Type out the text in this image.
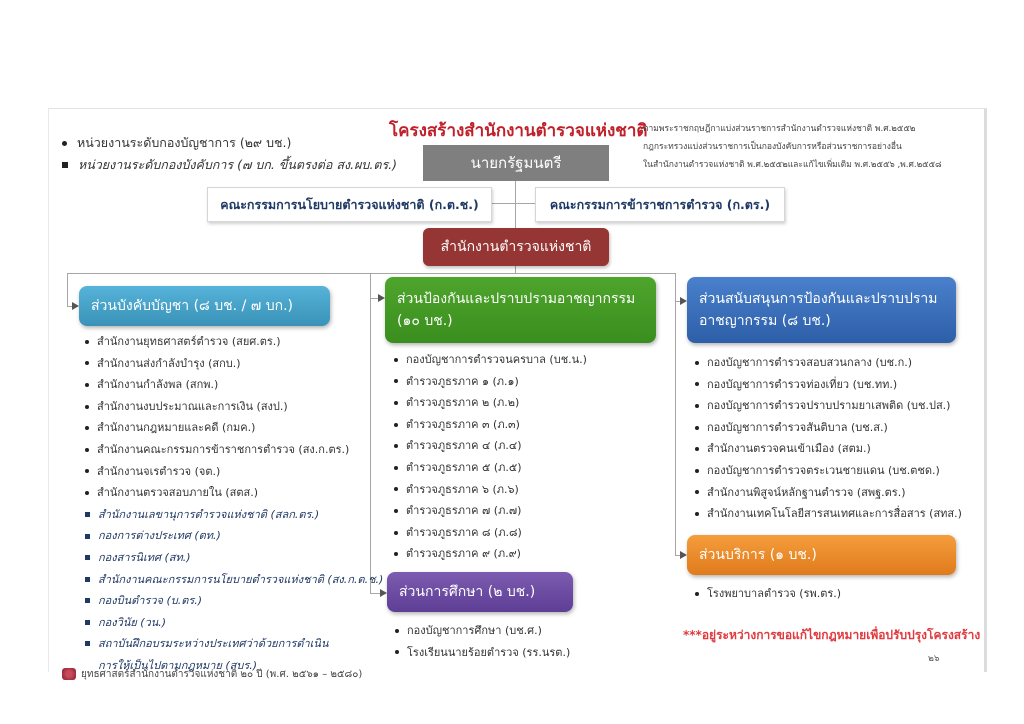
หน่วยงานระดับกองบัญชาการ (๒๙ บช.)
หน่วยงานระดับกองบังคับการ (๗ บก. ขึ้นตรงต่อ สง.ผบ.ตร.)
โครงสร้างสำนักงานตำรวจแห่งชาติ
ตามพระราชกฤษฎีกาแบ่งส่วนราชการสำนักงานตำรวจแห่งชาติ พ.ศ.๒๕๕๒
กฎกระทรวงแบ่งส่วนราชการเป็นกองบังคับการหรือส่วนราชการอย่างอื่น
ในสำนักงานตำรวจแห่งชาติ พ.ศ.๒๕๕๒และแก้ไขเพิ่มเติม พ.ศ.๒๕๕๖ ,พ.ศ.๒๕๕๘
นายกรัฐมนตรี
คณะกรรมการนโยบายตำรวจแห่งชาติ (ก.ต.ช.)	คณะกรรมการข้าราชการตำรวจ (ก.ตร.)
สำนักงานตำรวจแห่งชาติ
ส่วนบังคับบัญชา (๘ บช. / ๗ บก.)	ส่วนป้องกันและปราบปรามอาชญากรรม
(๑๐ บช.)
ส่วนสนับสนุนการป้องกันและปราบปราม
อาชญากรรม (๘ บช.)
ส่วนการศึกษา (๒ บช.)
ส่วนบริการ (๑ บช.)
สำนักงานยุทธศาสตร์ตำรวจ (สยศ.ตร.)
สำนักงานส่งกำลังบำรุง (สกบ.)
สำนักงานกำลังพล (สกพ.)
สำนักงานงบประมาณและการเงิน (สงป.)
สำนักงานกฎหมายและคดี (กมค.)
สำนักงานคณะกรรมการข้าราชการตำรวจ (สง.ก.ตร.)
สำนักงานจเรตำรวจ (จต.)
สำนักงานตรวจสอบภายใน (สตส.)
สำนักงานเลขานุการตำรวจแห่งชาติ (สลก.ตร.)
กองการต่างประเทศ (ตท.)
กองสารนิเทศ (สท.)
สำนักงานคณะกรรมการนโยบายตำรวจแห่งชาติ (สง.ก.ต.ช.)
กองบินตำรวจ (บ.ตร.)
กองวินัย (วน.)
สถาบันฝึกอบรมระหว่างประเทศว่าด้วยการดำเนินการให้เป็นไปตามกฎหมาย (สบร.)
กองบัญชาการตำรวจนครบาล (บช.น.)
ตำรวจภูธรภาค ๑ (ภ.๑)
ตำรวจภูธรภาค ๒ (ภ.๒)
ตำรวจภูธรภาค ๓ (ภ.๓)
ตำรวจภูธรภาค ๔ (ภ.๔)
ตำรวจภูธรภาค ๕ (ภ.๕)
ตำรวจภูธรภาค ๖ (ภ.๖)
ตำรวจภูธรภาค ๗ (ภ.๗)
ตำรวจภูธรภาค ๘ (ภ.๘)
ตำรวจภูธรภาค ๙ (ภ.๙)
กองบัญชาการตำรวจสอบสวนกลาง (บช.ก.)
กองบัญชาการตำรวจท่องเที่ยว (บช.ทท.)
กองบัญชาการตำรวจปราบปรามยาเสพติด (บช.ปส.)
กองบัญชาการตำรวจสันติบาล (บช.ส.)
สำนักงานตรวจคนเข้าเมือง (สตม.)
กองบัญชาการตำรวจตระเวนชายแดน (บช.ตชด.)
สำนักงานพิสูจน์หลักฐานตำรวจ (สพฐ.ตร.)
สำนักงานเทคโนโลยีสารสนเทศและการสื่อสาร (สทส.)
กองบัญชาการศึกษา (บช.ศ.)
โรงเรียนนายร้อยตำรวจ (รร.นรต.)
โรงพยาบาลตำรวจ (รพ.ตร.)
***อยู่ระหว่างการขอแก้ไขกฎหมายเพื่อปรับปรุงโครงสร้าง
๒๖
ยุทธศาสตร์สำนักงานตำรวจแห่งชาติ ๒๐ ปี (พ.ศ. ๒๕๖๑ – ๒๕๘๐)
